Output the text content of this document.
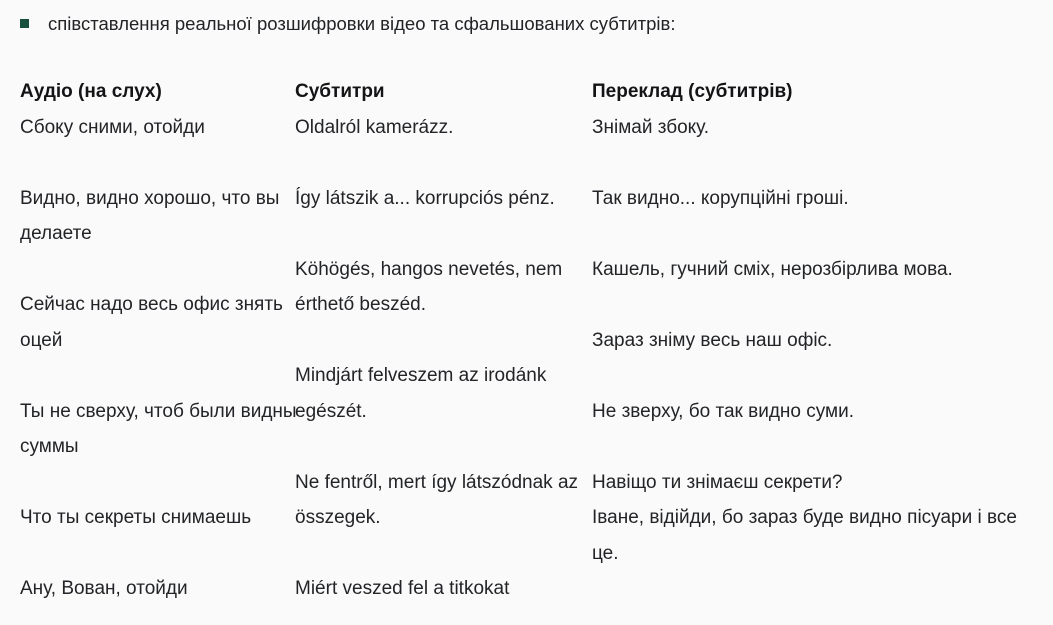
співставлення реальної розшифровки відео та сфальшованих субтитрів:
Аудіо (на слух)
Сбоку сними, отойди
Видно, видно хорошо, что вы
делаете
Сейчас надо весь офис знять
оцей
Ты не сверху, чтоб были видны
суммы
Что ты секреты снимаешь
Ану, Вован, отойди
Субтитри
Oldalról kamerázz.
Így látszik a... korrupciós pénz.
Köhögés, hangos nevetés, nem
érthető beszéd.
Mindjárt felveszem az irodánk
egészét.
Ne fentről, mert így látszódnak az
összegek.
Miért veszed fel a titkokat
Переклад (субтитрів)
Знімай збоку.
Так видно... корупційні гроші.
Кашель, гучний сміх, нерозбірлива мова.
Зараз зніму весь наш офіс.
Не зверху, бо так видно суми.
Навіщо ти знімаєш секрети?
Іване, відійди, бо зараз буде видно пісуари і все
це.
